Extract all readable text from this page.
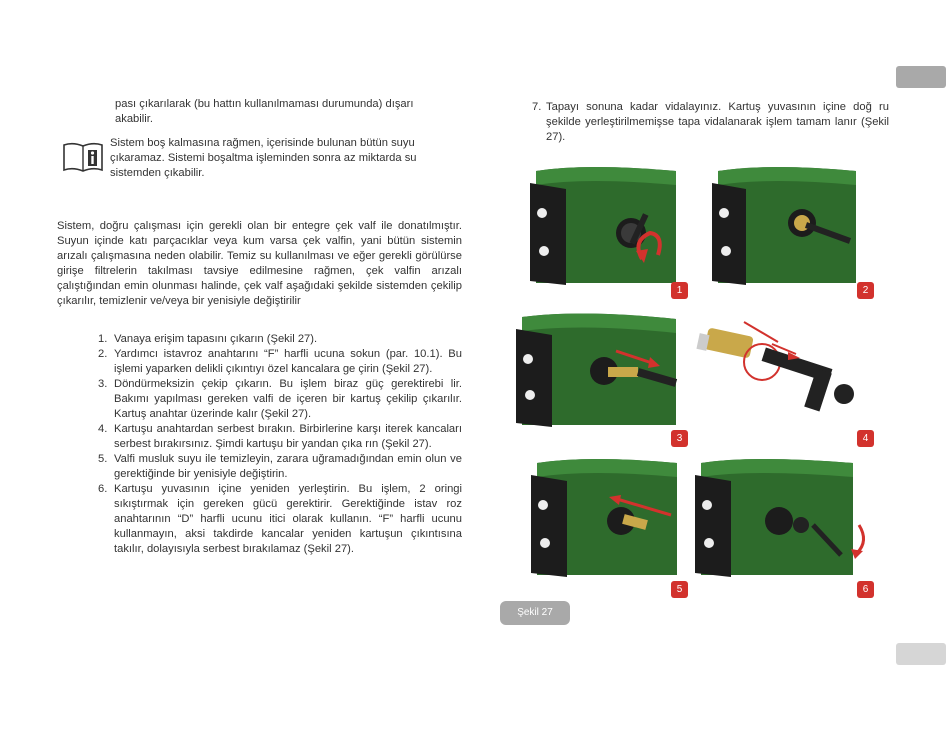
pası çıkarılarak (bu hattın kullanılmaması durumunda) dışarı

akabilir.

Sistem boş kalmasına rağmen, içerisinde bulunan bütün suyu

çıkaramaz. Sistemi boşaltma işleminden sonra az miktarda su

sistemden çıkabilir.

Sistem, doğru çalışması için gerekli olan bir entegre çek valf ile donatılmıştır. Suyun içinde katı parçacıklar veya kum varsa çek valfin, yani bütün sistemin arızalı çalışmasına neden olabilir. Temiz su kullanılması ve eğer gerekli görülürse girişe filtrelerin takılması tavsiye edilmesine rağmen, çek valfin arızalı çalıştığından emin olunması halinde, çek valf aşağıdaki şekilde sistemden çekilip çıkarılır, temizlenir ve/veya bir yenisiyle değiştirilir

1. Vanaya erişim tapasını çıkarın (Şekil 27).
2. Yardımcı istavroz anahtarını “F” harfli ucuna sokun (par. 10.1). Bu işlemi yaparken delikli çıkıntıyı özel kancalara ge çirin (Şekil 27).
3. Döndürmeksizin çekip çıkarın. Bu işlem biraz güç gerektirebi lir. Bakımı yapılması gereken valfi de içeren bir kartuş çekilip çıkarılır. Kartuş anahtar üzerinde kalır (Şekil 27).
4. Kartuşu anahtardan serbest bırakın. Birbirlerine karşı iterek kancaları serbest bırakırsınız. Şimdi kartuşu bir yandan çıka rın (Şekil 27).
5. Valfi musluk suyu ile temizleyin, zarara uğramadığından emin olun ve gerektiğinde bir yenisiyle değiştirin.
6. Kartuşu yuvasının içine yeniden yerleştirin. Bu işlem, 2 oringi sıkıştırmak için gereken gücü gerektirir. Gerektiğinde istav roz anahtarının “D” harfli ucunu itici olarak kullanın. “F” harfli ucunu kullanmayın, aksi takdirde kancalar yeniden kartuşun çıkıntısına takılır, dolayısıyla serbest bırakılamaz (Şekil 27).

7. Tapayı sonuna kadar vidalayınız. Kartuş yuvasının içine doğ ru şekilde yerleştirilmemişse tapa vidalanarak işlem tamam lanır (Şekil 27).

1	2
3	4
5	6
Şekil 27
